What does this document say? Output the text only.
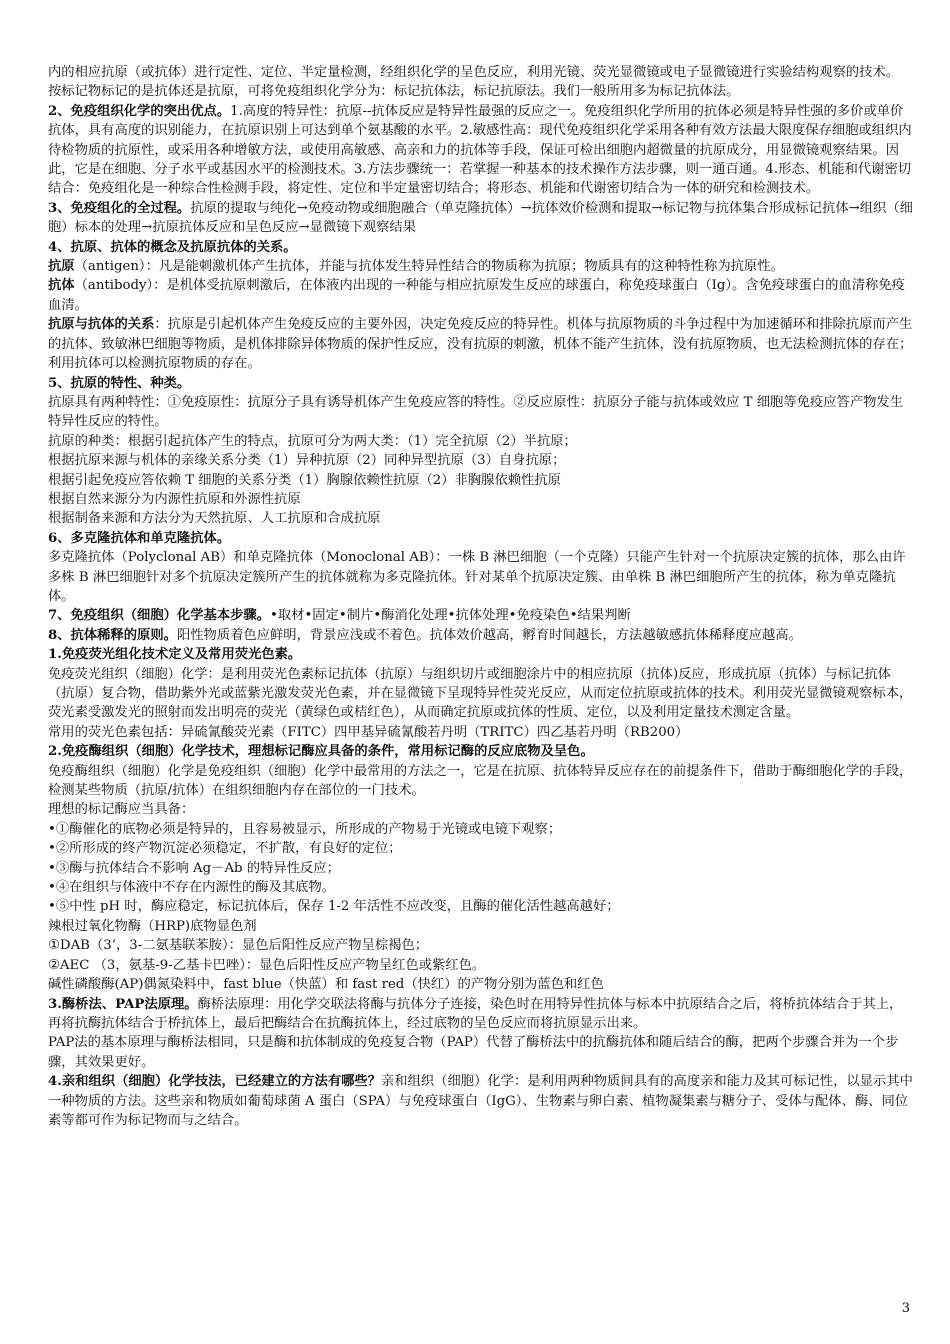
内的相应抗原（或抗体）进行定性、定位、半定量检测，经组织化学的呈色反应，利用光镜、荧光显微镜或电子显微镜进行实验结构观察的技术。

按标记物标记的是抗体还是抗原，可将免疫组织化学分为：标记抗体法，标记抗原法。我们一般所用多为标记抗体法。

2、免疫组织化学的突出优点。1.高度的特异性：抗原--抗体反应是特异性最强的反应之一。免疫组织化学所用的抗体必须是特异性强的多价或单价抗体，具有高度的识别能力，在抗原识别上可达到单个氨基酸的水平。2.敏感性高：现代免疫组织化学采用各种有效方法最大限度保存细胞或组织内待检物质的抗原性，或采用各种增敏方法，或使用高敏感、高亲和力的抗体等手段，保证可检出细胞内超微量的抗原成分，用显微镜观察结果。因此，它是在细胞、分子水平或基因水平的检测技术。3.方法步骤统一：若掌握一种基本的技术操作方法步骤，则一通百通。4.形态、机能和代谢密切结合：免疫组化是一种综合性检测手段，将定性、定位和半定量密切结合；将形态、机能和代谢密切结合为一体的研究和检测技术。

3、免疫组化的全过程。抗原的提取与纯化→免疫动物或细胞融合（单克隆抗体）→抗体效价检测和提取→标记物与抗体集合形成标记抗体→组织（细胞）标本的处理→抗原抗体反应和呈色反应→显微镜下观察结果

4、抗原、抗体的概念及抗原抗体的关系。

抗原（antigen）：凡是能刺激机体产生抗体，并能与抗体发生特异性结合的物质称为抗原；物质具有的这种特性称为抗原性。

抗体（antibody）：是机体受抗原刺激后，在体液内出现的一种能与相应抗原发生反应的球蛋白，称免疫球蛋白（Ig）。含免疫球蛋白的血清称免疫血清。

抗原与抗体的关系：抗原是引起机体产生免疫反应的主要外因，决定免疫反应的特异性。机体与抗原物质的斗争过程中为加速循环和排除抗原而产生的抗体、致敏淋巴细胞等物质，是机体排除异体物质的保护性反应，没有抗原的刺激，机体不能产生抗体，没有抗原物质，也无法检测抗体的存在；利用抗体可以检测抗原物质的存在。

5、抗原的特性、种类。

抗原具有两种特性：①免疫原性：抗原分子具有诱导机体产生免疫应答的特性。②反应原性：抗原分子能与抗体或效应 T 细胞等免疫应答产物发生特异性反应的特性。

抗原的种类：根据引起抗体产生的特点，抗原可分为两大类：（1）完全抗原（2）半抗原；

根据抗原来源与机体的亲缘关系分类（1）异种抗原（2）同种异型抗原（3）自身抗原；

根据引起免疫应答依赖 T 细胞的关系分类（1）胸腺依赖性抗原（2）非胸腺依赖性抗原

根据自然来源分为内源性抗原和外源性抗原

根据制备来源和方法分为天然抗原、人工抗原和合成抗原

6、多克隆抗体和单克隆抗体。

多克隆抗体（Polyclonal AB）和单克隆抗体（Monoclonal AB）：一株 B 淋巴细胞（一个克隆）只能产生针对一个抗原决定簇的抗体，那么由许多株 B 淋巴细胞针对多个抗原决定簇所产生的抗体就称为多克隆抗体。针对某单个抗原决定簇、由单株 B 淋巴细胞所产生的抗体，称为单克隆抗体。

7、免疫组织（细胞）化学基本步骤。•取材•固定•制片•酶消化处理•抗体处理•免疫染色•结果判断

8、抗体稀释的原则。阳性物质着色应鲜明，背景应浅或不着色。抗体效价越高，孵育时间越长，方法越敏感抗体稀释度应越高。

1.免疫荧光组化技术定义及常用荧光色素。

免疫荧光组织（细胞）化学：是利用荧光色素标记抗体（抗原）与组织切片或细胞涂片中的相应抗原（抗体)反应，形成抗原（抗体）与标记抗体（抗原）复合物，借助紫外光或蓝紫光激发荧光色素，并在显微镜下呈现特异性荧光反应，从而定位抗原或抗体的技术。利用荧光显微镜观察标本，荧光素受激发光的照射而发出明亮的荧光（黄绿色或桔红色），从而确定抗原或抗体的性质、定位，以及利用定量技术测定含量。

常用的荧光色素包括：异硫氰酸荧光素（FITC）四甲基异硫氰酸若丹明（TRITC）四乙基若丹明（RB200）

2.免疫酶组织（细胞）化学技术，理想标记酶应具备的条件，常用标记酶的反应底物及呈色。

免疫酶组织（细胞）化学是免疫组织（细胞）化学中最常用的方法之一，它是在抗原、抗体特异反应存在的前提条件下，借助于酶细胞化学的手段，检测某些物质（抗原/抗体）在组织细胞内存在部位的一门技术。

理想的标记酶应当具备：

•①酶催化的底物必须是特异的，且容易被显示，所形成的产物易于光镜或电镜下观察；

•②所形成的终产物沉淀必须稳定，不扩散，有良好的定位；

•③酶与抗体结合不影响 Ag－Ab 的特异性反应；

•④在组织与体液中不存在内源性的酶及其底物。

•⑤中性 pH 时，酶应稳定，标记抗体后，保存 1-2 年活性不应改变，且酶的催化活性越高越好；

辣根过氧化物酶（HRP)底物显色剂

①DAB（3’，3-二氨基联苯胺）：显色后阳性反应产物呈棕褐色；

②AEC （3，氨基-9-乙基卡巴唑）：显色后阳性反应产物呈红色或紫红色。

碱性磷酸酶(AP)偶氮染料中，fast blue（快蓝）和 fast red（快红）的产物分别为蓝色和红色

3.酶桥法、PAP法原理。酶桥法原理：用化学交联法将酶与抗体分子连接，染色时在用特异性抗体与标本中抗原结合之后，将桥抗体结合于其上，再将抗酶抗体结合于桥抗体上，最后把酶结合在抗酶抗体上，经过底物的呈色反应而将抗原显示出来。

PAP法的基本原理与酶桥法相同，只是酶和抗体制成的免疫复合物（PAP）代替了酶桥法中的抗酶抗体和随后结合的酶，把两个步骤合并为一个步骤，其效果更好。

4.亲和组织（细胞）化学技法，已经建立的方法有哪些？亲和组织（细胞）化学：是利用两种物质间具有的高度亲和能力及其可标记性，以显示其中一种物质的方法。这些亲和物质如葡萄球菌 A 蛋白（SPA）与免疫球蛋白（IgG）、生物素与卵白素、植物凝集素与糖分子、受体与配体、酶、同位素等都可作为标记物而与之结合。

3
